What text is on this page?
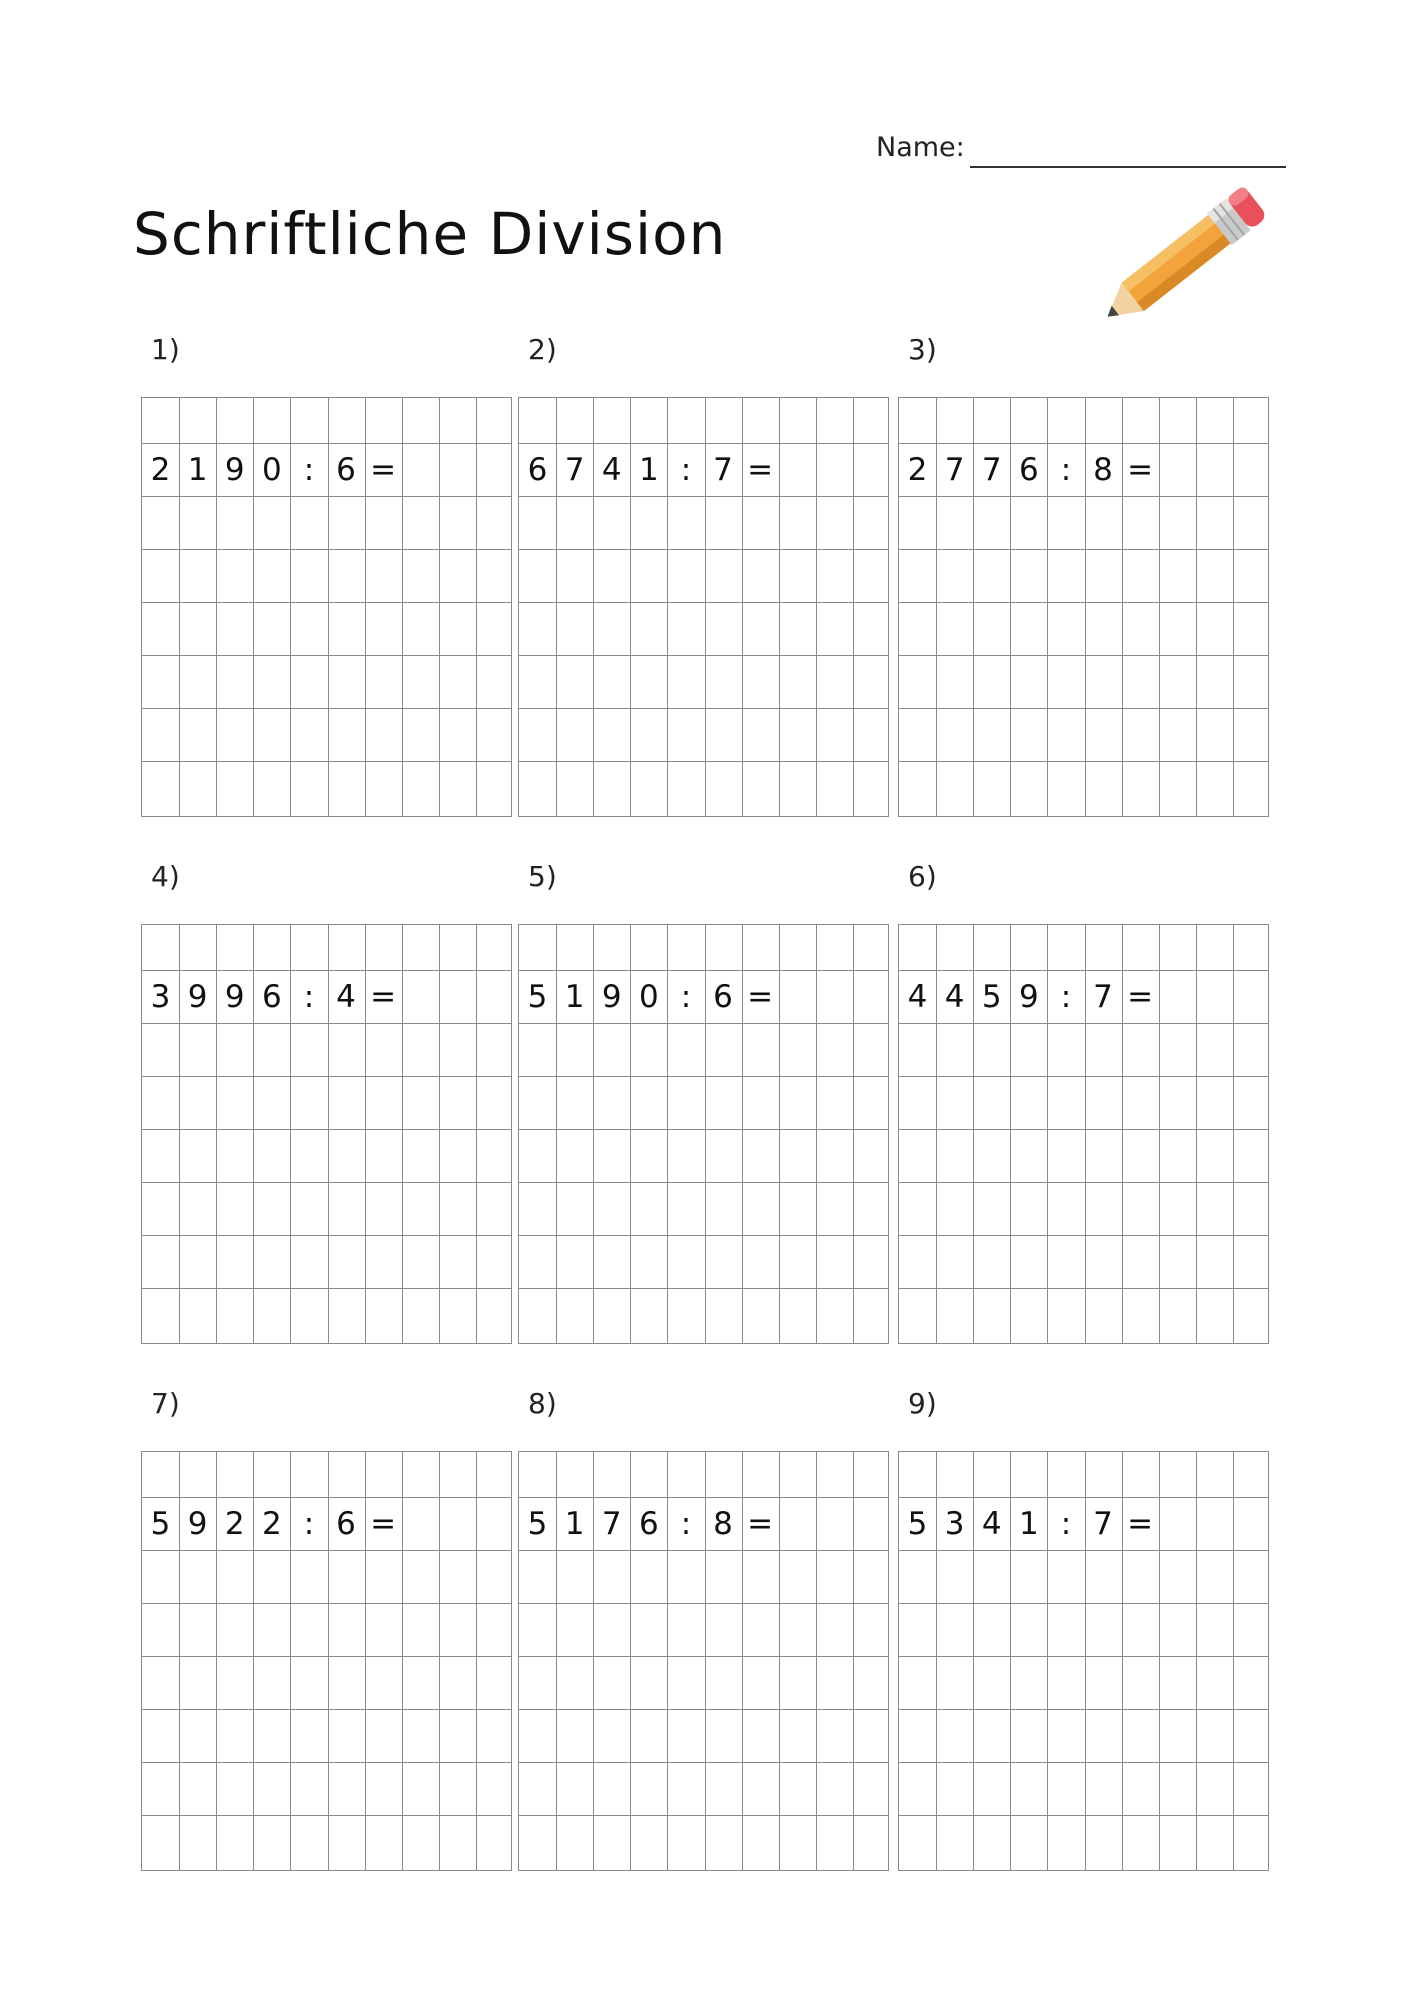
Name:
Schriftliche Division
1)
2 1 9 0 : 6 =
2)
6 7 4 1 : 7 =
3)
2 7 7 6 : 8 =
4)
3 9 9 6 : 4 =
5)
5 1 9 0 : 6 =
6)
4 4 5 9 : 7 =
7)
5 9 2 2 : 6 =
8)
5 1 7 6 : 8 =
9)
5 3 4 1 : 7 =
